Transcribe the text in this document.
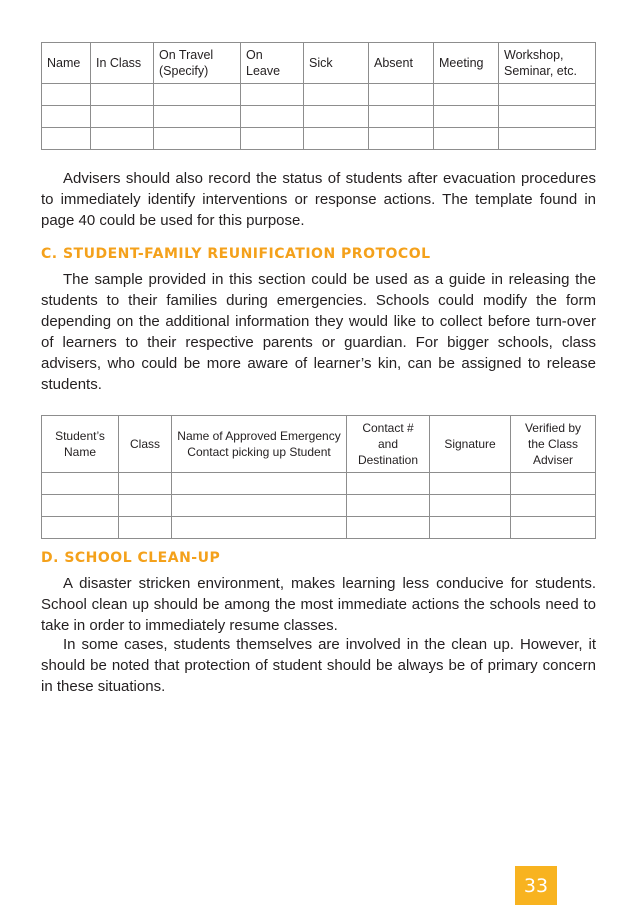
Name	In Class	On Travel (Specify)	On Leave	Sick	Absent	Meeting	Workshop, Seminar, etc.

Advisers should also record the status of students after evacuation procedures to immediately identify interventions or response actions. The template found in page 40 could be used for this purpose.

C. STUDENT-FAMILY REUNIFICATION PROTOCOL

The sample provided in this section could be used as a guide in releasing the students to their families during emergencies. Schools could modify the form depending on the additional information they would like to collect before turn-over of learners to their respective parents or guardian. For bigger schools, class advisers, who could be more aware of learner’s kin, can be assigned to release students.

Student’s Name	Class	Name of Approved Emergency Contact picking up Student	Contact # and Destination	Signature	Verified by the Class Adviser

D. SCHOOL CLEAN-UP

A disaster stricken environment, makes learning less conducive for students. School clean up should be among the most immediate actions the schools need to take in order to immediately resume classes.

In some cases, students themselves are involved in the clean up. However, it should be noted that protection of student should be always be of primary concern in these situations.

33
